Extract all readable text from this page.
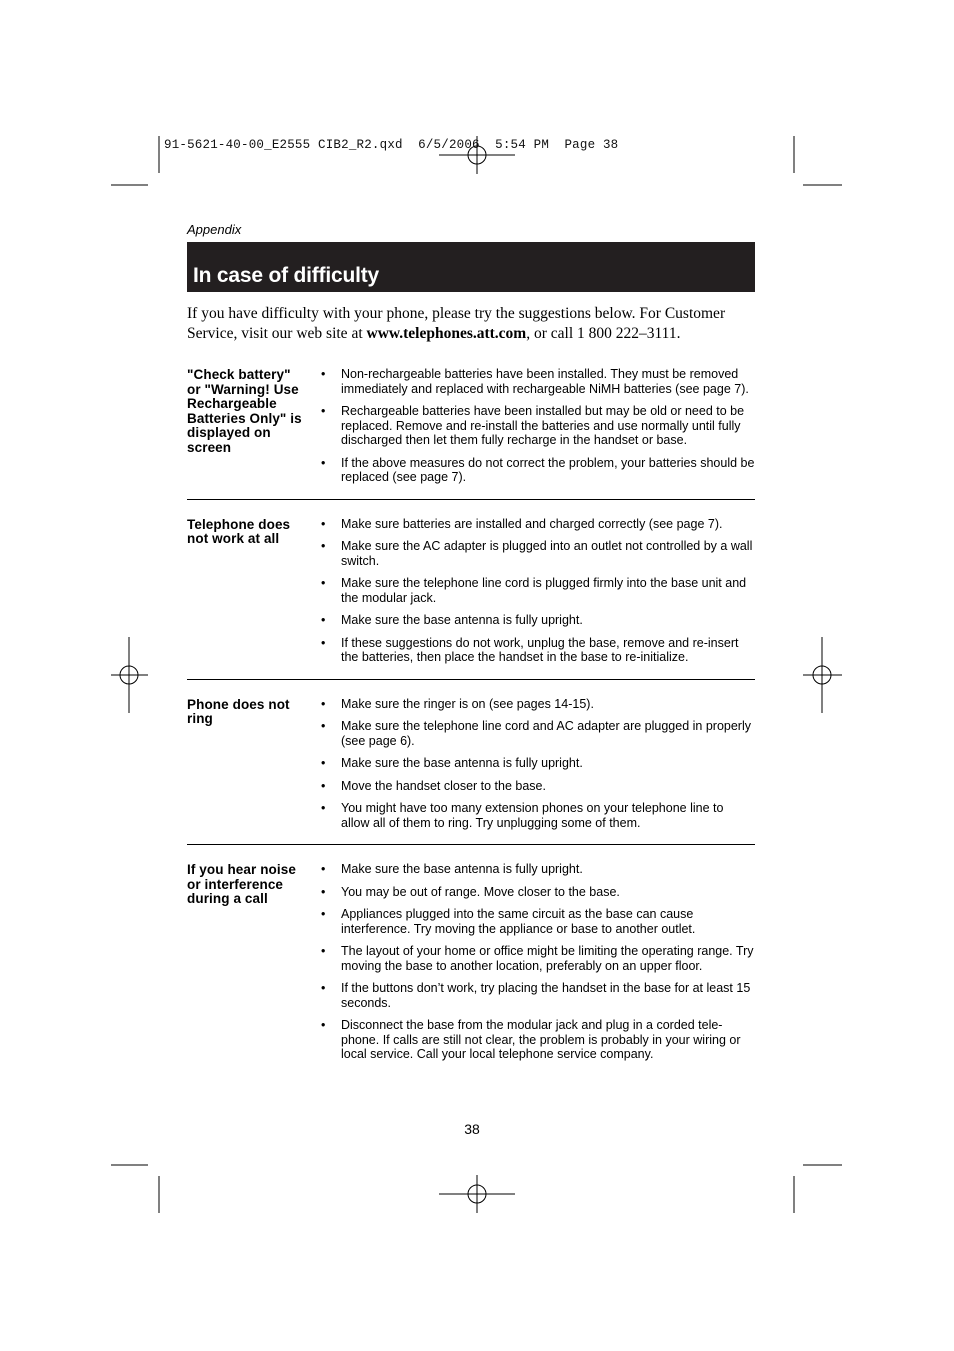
91-5621-40-00_E2555 CIB2_R2.qxd  6/5/2006  5:54 PM  Page 38
Appendix
In case of difficulty

If you have difficulty with your phone, please try the suggestions below. For Customer Service, visit our web site at www.telephones.att.com, or call 1 800 222–3111.

"Check battery" or "Warning! Use Rechargeable Batteries Only" is displayed on screen
• Non-rechargeable batteries have been installed. They must be removed immediately and replaced with rechargeable NiMH batteries (see page 7).
• Rechargeable batteries have been installed but may be old or need to be replaced. Remove and re-install the batteries and use normally until fully discharged then let them fully recharge in the handset or base.
• If the above measures do not correct the problem, your batteries should be replaced (see page 7).
Telephone does not work at all
• Make sure batteries are installed and charged correctly (see page 7).
• Make sure the AC adapter is plugged into an outlet not controlled by a wall switch.
• Make sure the telephone line cord is plugged firmly into the base unit and the modular jack.
• Make sure the base antenna is fully upright.
• If these suggestions do not work, unplug the base, remove and re-insert the batteries, then place the handset in the base to re-initialize.
Phone does not ring
• Make sure the ringer is on (see pages 14-15).
• Make sure the telephone line cord and AC adapter are plugged in properly (see page 6).
• Make sure the base antenna is fully upright.
• Move the handset closer to the base.
• You might have too many extension phones on your telephone line to allow all of them to ring. Try unplugging some of them.
If you hear noise or interference during a call
• Make sure the base antenna is fully upright.
• You may be out of range. Move closer to the base.
• Appliances plugged into the same circuit as the base can cause interference. Try moving the appliance or base to another outlet.
• The layout of your home or office might be limiting the operating range. Try moving the base to another location, preferably on an upper floor.
• If the buttons don’t work, try placing the handset in the base for at least 15 seconds.
• Disconnect the base from the modular jack and plug in a corded tele-phone. If calls are still not clear, the problem is probably in your wiring or local service. Call your local telephone service company.
38
